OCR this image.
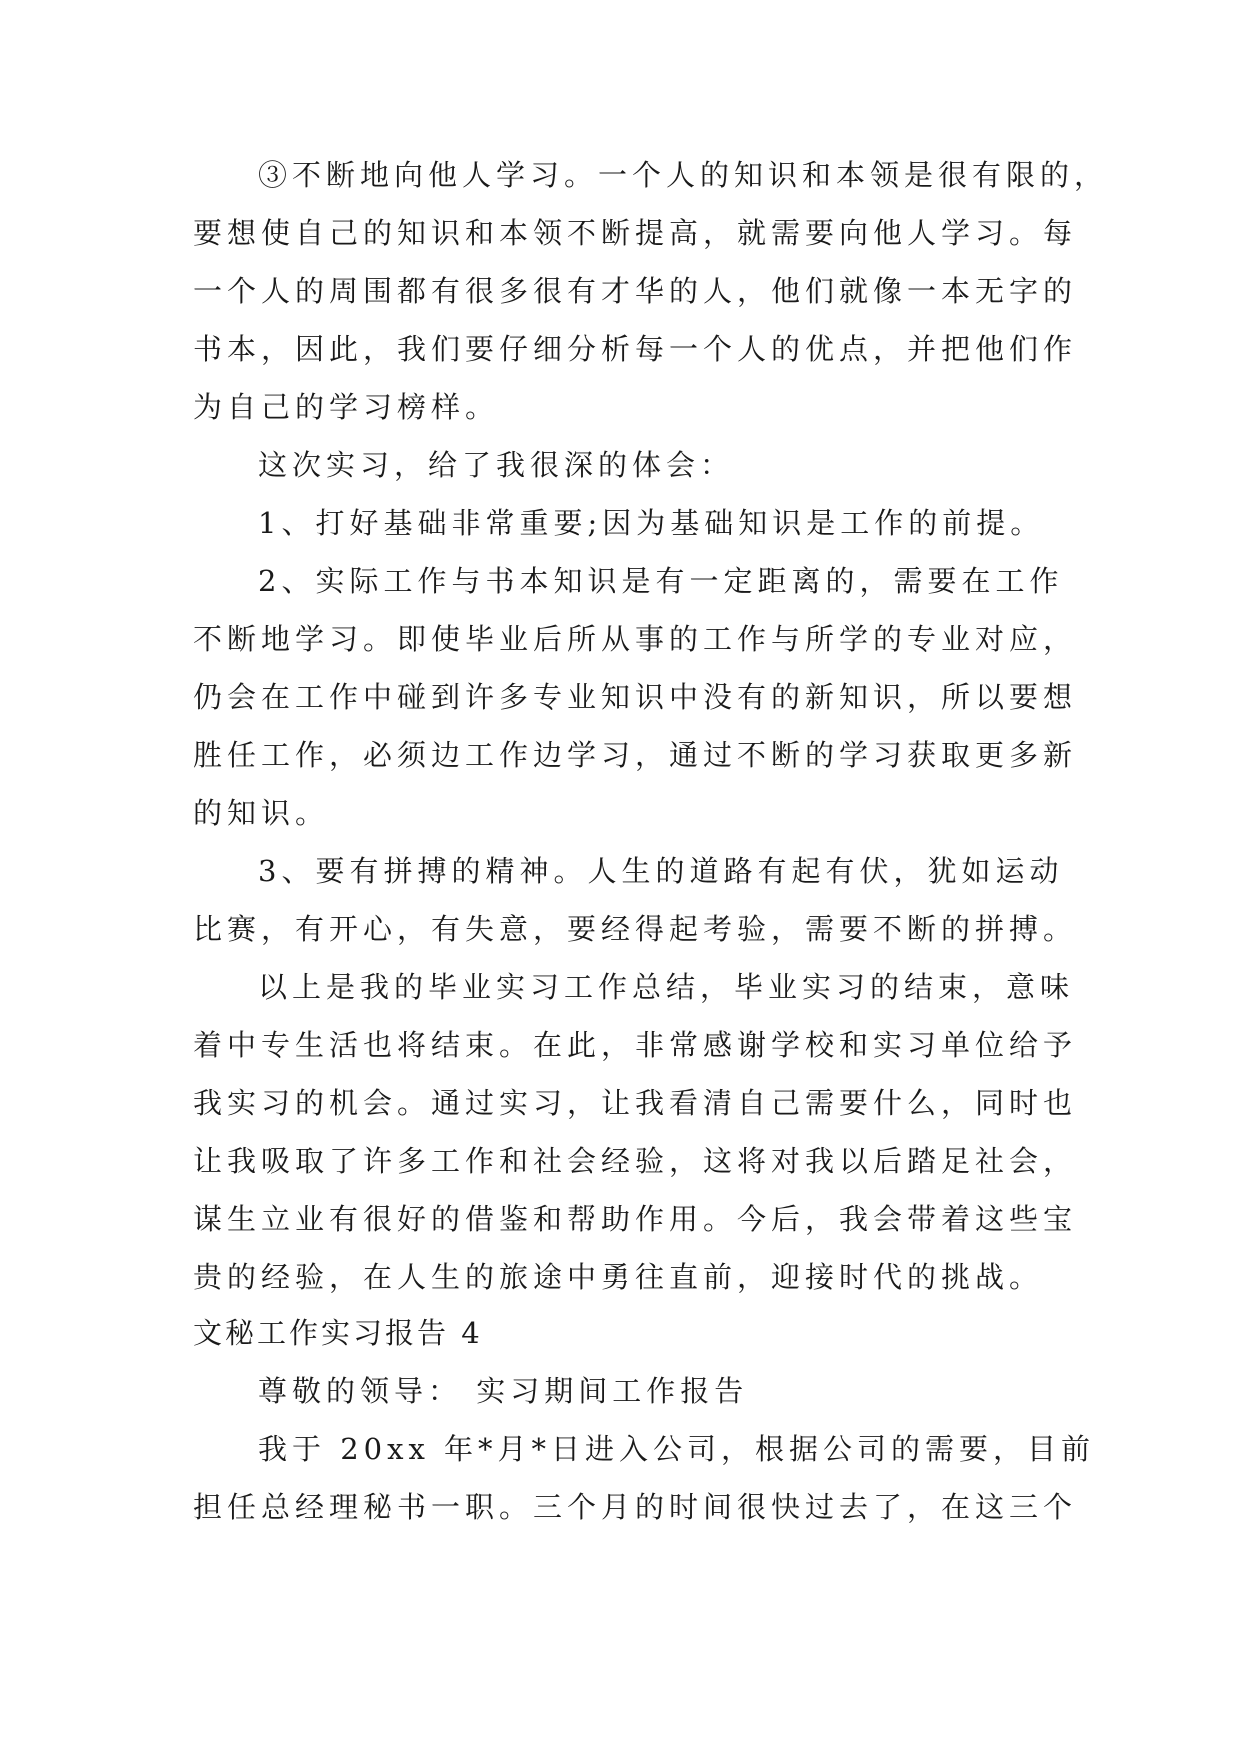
③不断地向他人学习。一个人的知识和本领是很有限的，
要想使自己的知识和本领不断提高，就需要向他人学习。每
一个人的周围都有很多很有才华的人，他们就像一本无字的
书本，因此，我们要仔细分析每一个人的优点，并把他们作
为自己的学习榜样。
这次实习，给了我很深的体会：
1、打好基础非常重要;因为基础知识是工作的前提。
2、实际工作与书本知识是有一定距离的，需要在工作
不断地学习。即使毕业后所从事的工作与所学的专业对应，
仍会在工作中碰到许多专业知识中没有的新知识，所以要想
胜任工作，必须边工作边学习，通过不断的学习获取更多新
的知识。
3、要有拼搏的精神。人生的道路有起有伏，犹如运动
比赛，有开心，有失意，要经得起考验，需要不断的拼搏。
以上是我的毕业实习工作总结，毕业实习的结束，意味
着中专生活也将结束。在此，非常感谢学校和实习单位给予
我实习的机会。通过实习，让我看清自己需要什么，同时也
让我吸取了许多工作和社会经验，这将对我以后踏足社会，
谋生立业有很好的借鉴和帮助作用。今后，我会带着这些宝
贵的经验，在人生的旅途中勇往直前，迎接时代的挑战。
文秘工作实习报告 4
尊敬的领导： 实习期间工作报告
我于 20xx 年*月*日进入公司，根据公司的需要，目前
担任总经理秘书一职。三个月的时间很快过去了，在这三个
